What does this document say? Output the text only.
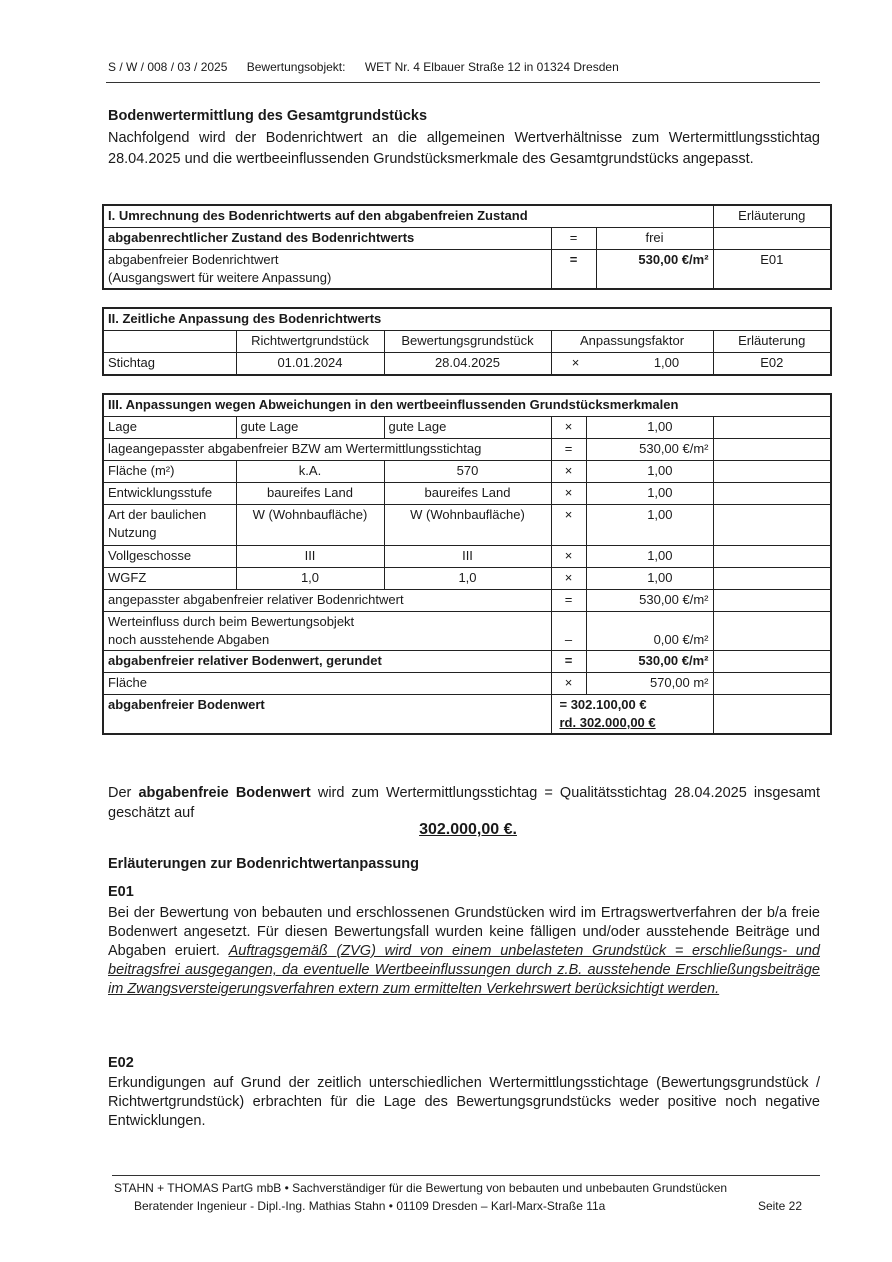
S / W / 008 / 03 / 2025 Bewertungsobjekt: WET Nr. 4 Elbauer Straße 12 in 01324 Dresden
Bodenwertermittlung des Gesamtgrundstücks
Nachfolgend wird der Bodenrichtwert an die allgemeinen Wertverhältnisse zum Wertermittlungsstichtag 28.04.2025 und die wertbeeinflussenden Grundstücksmerkmale des Gesamtgrundstücks angepasst.
I. Umrechnung des Bodenrichtwerts auf den abgabenfreien Zustand			Erläuterung
abgabenrechtlicher Zustand des Bodenrichtwerts	=	frei	

abgabenfreier Bodenrichtwert
(Ausgangswert für weitere Anpassung)	=	530,00 €/m²	E01
II. Zeitliche Anpassung des Bodenrichtwerts				
	Richtwertgrundstück	Bewertungsgrundstück	Anpassungsfaktor	Erläuterung
Stichtag	01.01.2024	28.04.2025	× 1,00	E02
III. Anpassungen wegen Abweichungen in den wertbeeinflussenden Grundstücksmerkmalen					
Lage	gute Lage	gute Lage	×	1,00	
lageangepasster abgabenfreier BZW am Wertermittlungsstichtag			=	530,00 €/m²	
Fläche (m²)	k.A.	570	×	1,00	
Entwicklungsstufe	baureifes Land	baureifes Land	×	1,00	
Art der baulichen Nutzung	W (Wohnbaufläche)	W (Wohnbaufläche)	×	1,00	
Vollgeschosse	III	III	×	1,00	
WGFZ	1,0	1,0	×	1,00	
angepasster abgabenfreier relativer Bodenrichtwert			=	530,00 €/m²	

Werteinfluss durch beim Bewertungsobjekt
noch ausstehende Abgaben			–	0,00 €/m²	
abgabenfreier relativer Bodenwert, gerundet			=	530,00 €/m²	
Fläche			×	570,00 m²	
abgabenfreier Bodenwert			= 302.100,00 €
rd. 302.000,00 €		

Der abgabenfreie Bodenwert wird zum Wertermittlungsstichtag = Qualitätsstichtag 28.04.2025 insgesamt geschätzt auf
302.000,00 €.
Erläuterungen zur Bodenrichtwertanpassung
E01
Bei der Bewertung von bebauten und erschlossenen Grundstücken wird im Ertragswertverfahren der b/a freie Bodenwert angesetzt. Für diesen Bewertungsfall wurden keine fälligen und/oder ausstehende Beiträge und Abgaben eruiert. Auftragsgemäß (ZVG) wird von einem unbelasteten Grundstück = erschließungs- und beitragsfrei ausgegangen, da eventuelle Wertbeeinflussungen durch z.B. ausstehende Erschließungsbeiträge im Zwangsversteigerungsverfahren extern zum ermittelten Verkehrswert berücksichtigt werden.
E02
Erkundigungen auf Grund der zeitlich unterschiedlichen Wertermittlungsstichtage (Bewertungsgrundstück / Richtwertgrundstück) erbrachten für die Lage des Bewertungsgrundstücks weder positive noch negative Entwicklungen.
STAHN + THOMAS PartG mbB • Sachverständiger für die Bewertung von bebauten und unbebauten Grundstücken
Beratender Ingenieur - Dipl.-Ing. Mathias Stahn • 01109 Dresden – Karl-Marx-Straße 11a	Seite 22
